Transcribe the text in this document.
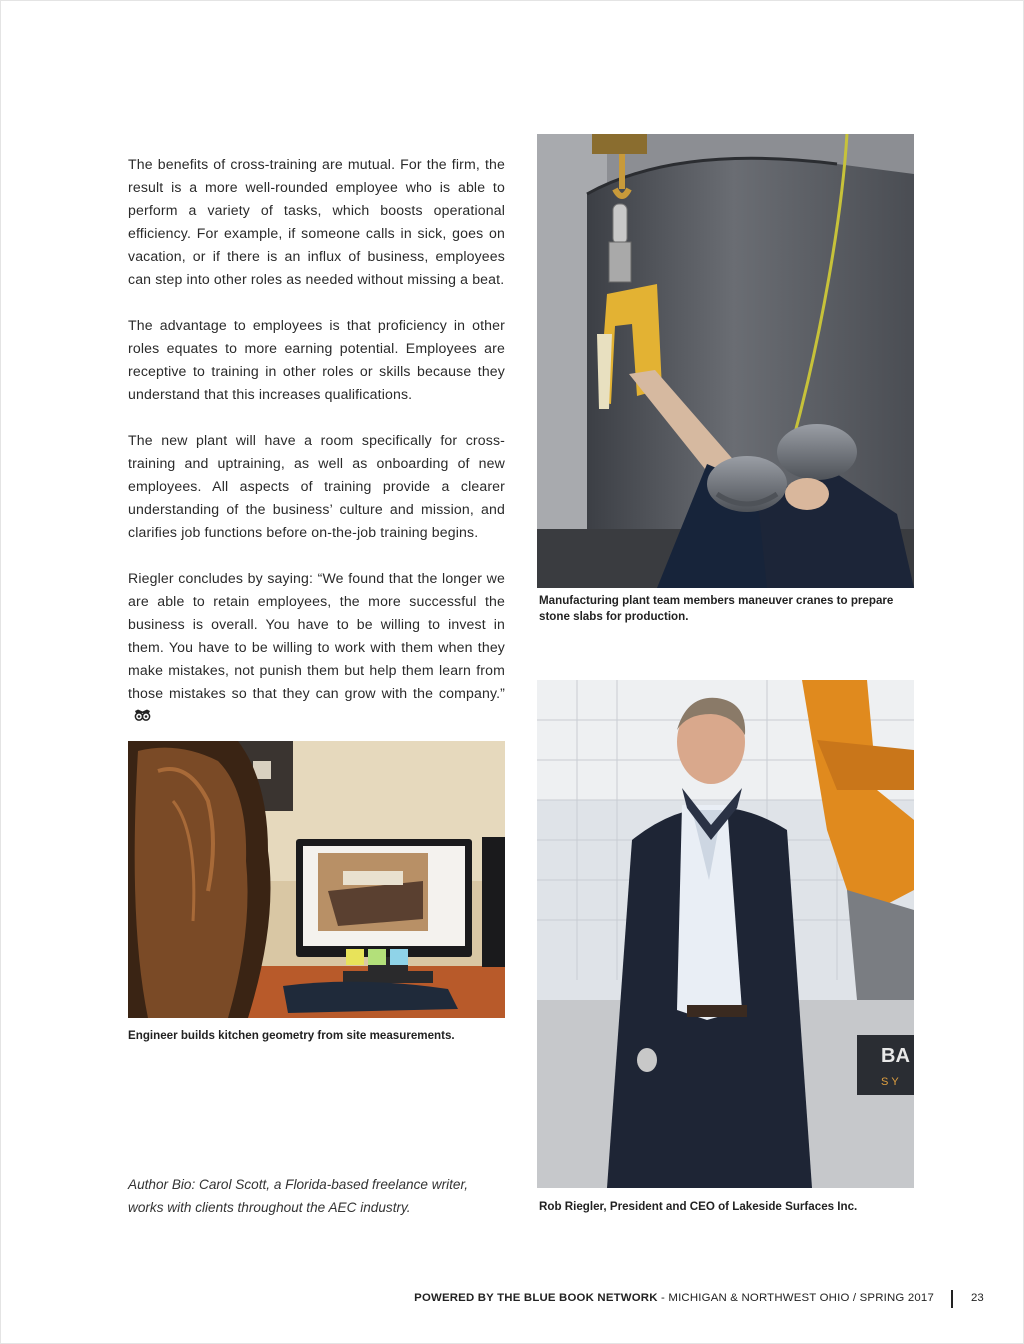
The benefits of cross-training are mutual. For the firm, the result is a more well-rounded employee who is able to perform a variety of tasks, which boosts operational efficiency. For example, if someone calls in sick, goes on vacation, or if there is an influx of business, employees can step into other roles as needed without missing a beat.

The advantage to employees is that proficiency in other roles equates to more earning potential. Employees are receptive to training in other roles or skills because they understand that this increases qualifications.

The new plant will have a room specifically for cross-training and uptraining, as well as onboarding of new employees. All aspects of training provide a clearer understanding of the business’ culture and mission, and clarifies job functions before on-the-job training begins.

Riegler concludes by saying: “We found that the longer we are able to retain employees, the more successful the business is overall. You have to be willing to invest in them. You have to be willing to work with them when they make mistakes, not punish them but help them learn from those mistakes so that they can grow with the company.”

Manufacturing plant team members maneuver cranes to prepare stone slabs for production.
BA
SY
Rob Riegler, President and CEO of Lakeside Surfaces Inc.
Engineer builds kitchen geometry from site measurements.
Author Bio: Carol Scott, a Florida-based freelance writer,
works with clients throughout the AEC industry.
POWERED BY THE BLUE BOOK NETWORK - MICHIGAN & NORTHWEST OHIO / SPRING 2017	23
